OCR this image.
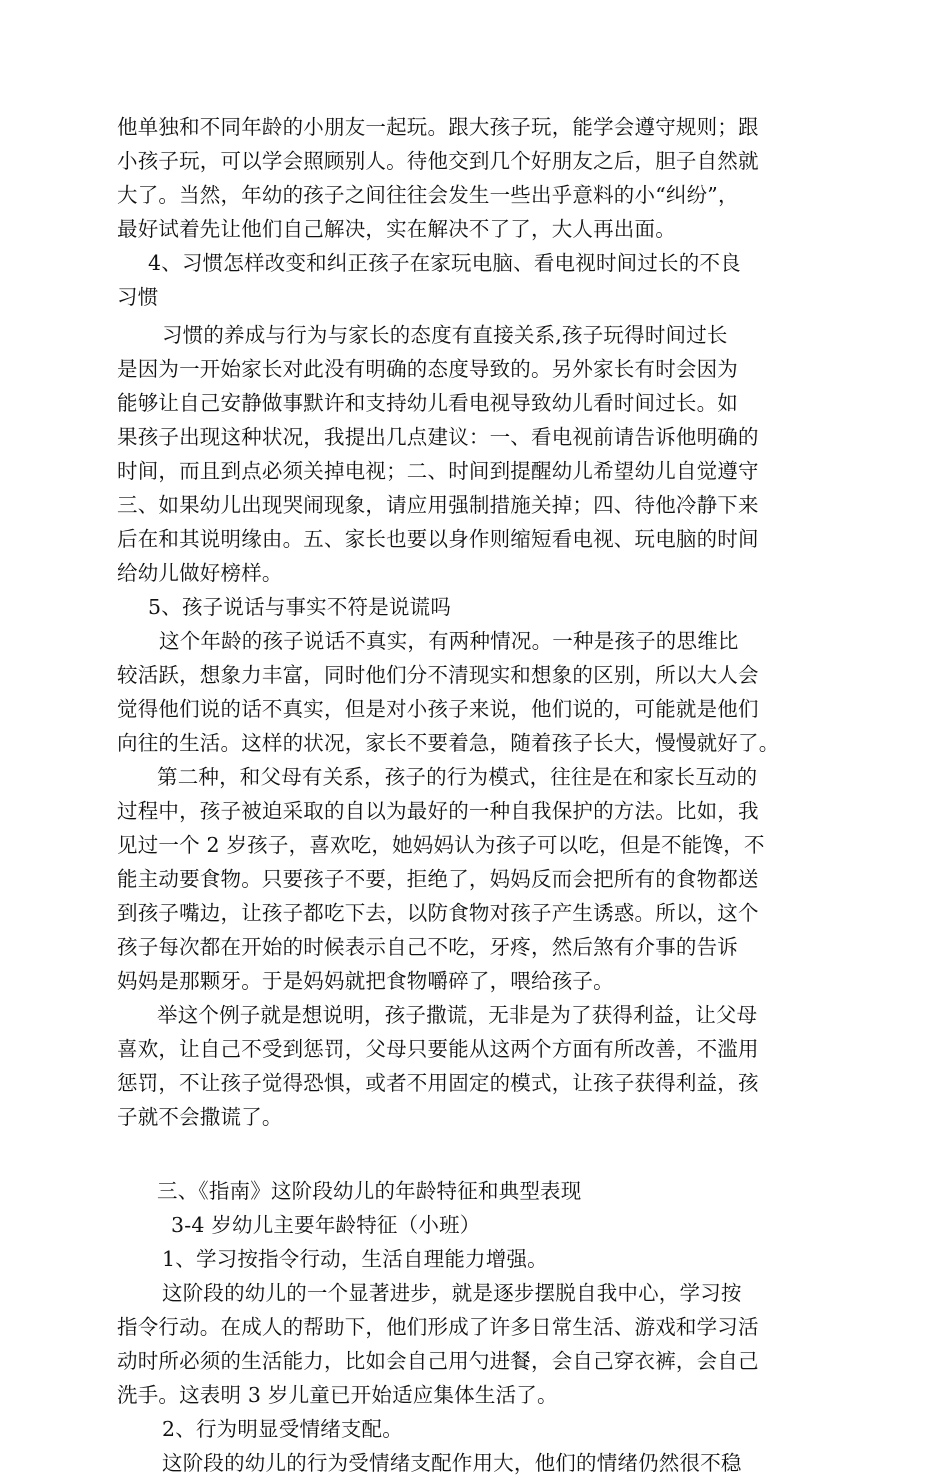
他单独和不同年龄的小朋友一起玩。跟大孩子玩，能学会遵守规则；跟
小孩子玩，可以学会照顾别人。待他交到几个好朋友之后，胆子自然就
大了。当然，年幼的孩子之间往往会发生一些出乎意料的小“纠纷”，
最好试着先让他们自己解决，实在解决不了了，大人再出面。
4、习惯怎样改变和纠正孩子在家玩电脑、看电视时间过长的不良
习惯
习惯的养成与行为与家长的态度有直接关系,孩子玩得时间过长
是因为一开始家长对此没有明确的态度导致的。另外家长有时会因为
能够让自己安静做事默许和支持幼儿看电视导致幼儿看时间过长。如
果孩子出现这种状况，我提出几点建议：一、看电视前请告诉他明确的
时间，而且到点必须关掉电视；二、时间到提醒幼儿希望幼儿自觉遵守
三、如果幼儿出现哭闹现象，请应用强制措施关掉；四、待他冷静下来
后在和其说明缘由。五、家长也要以身作则缩短看电视、玩电脑的时间
给幼儿做好榜样。
5、孩子说话与事实不符是说谎吗
这个年龄的孩子说话不真实，有两种情况。一种是孩子的思维比
较活跃，想象力丰富，同时他们分不清现实和想象的区别，所以大人会
觉得他们说的话不真实，但是对小孩子来说，他们说的，可能就是他们
向往的生活。这样的状况，家长不要着急，随着孩子长大，慢慢就好了。
第二种，和父母有关系，孩子的行为模式，往往是在和家长互动的
过程中，孩子被迫采取的自以为最好的一种自我保护的方法。比如，我
见过一个 2 岁孩子，喜欢吃，她妈妈认为孩子可以吃，但是不能馋，不
能主动要食物。只要孩子不要，拒绝了，妈妈反而会把所有的食物都送
到孩子嘴边，让孩子都吃下去，以防食物对孩子产生诱惑。所以，这个
孩子每次都在开始的时候表示自己不吃，牙疼，然后煞有介事的告诉
妈妈是那颗牙。于是妈妈就把食物嚼碎了，喂给孩子。
举这个例子就是想说明，孩子撒谎，无非是为了获得利益，让父母
喜欢，让自己不受到惩罚，父母只要能从这两个方面有所改善，不滥用
惩罚，不让孩子觉得恐惧，或者不用固定的模式，让孩子获得利益，孩
子就不会撒谎了。
三、《指南》这阶段幼儿的年龄特征和典型表现
3-4 岁幼儿主要年龄特征（小班）
1、学习按指令行动，生活自理能力增强。
这阶段的幼儿的一个显著进步，就是逐步摆脱自我中心，学习按
指令行动。在成人的帮助下，他们形成了许多日常生活、游戏和学习活
动时所必须的生活能力，比如会自己用勺进餐，会自己穿衣裤，会自己
洗手。这表明 3 岁儿童已开始适应集体生活了。
2、行为明显受情绪支配。
这阶段的幼儿的行为受情绪支配作用大，他们的情绪仍然很不稳
